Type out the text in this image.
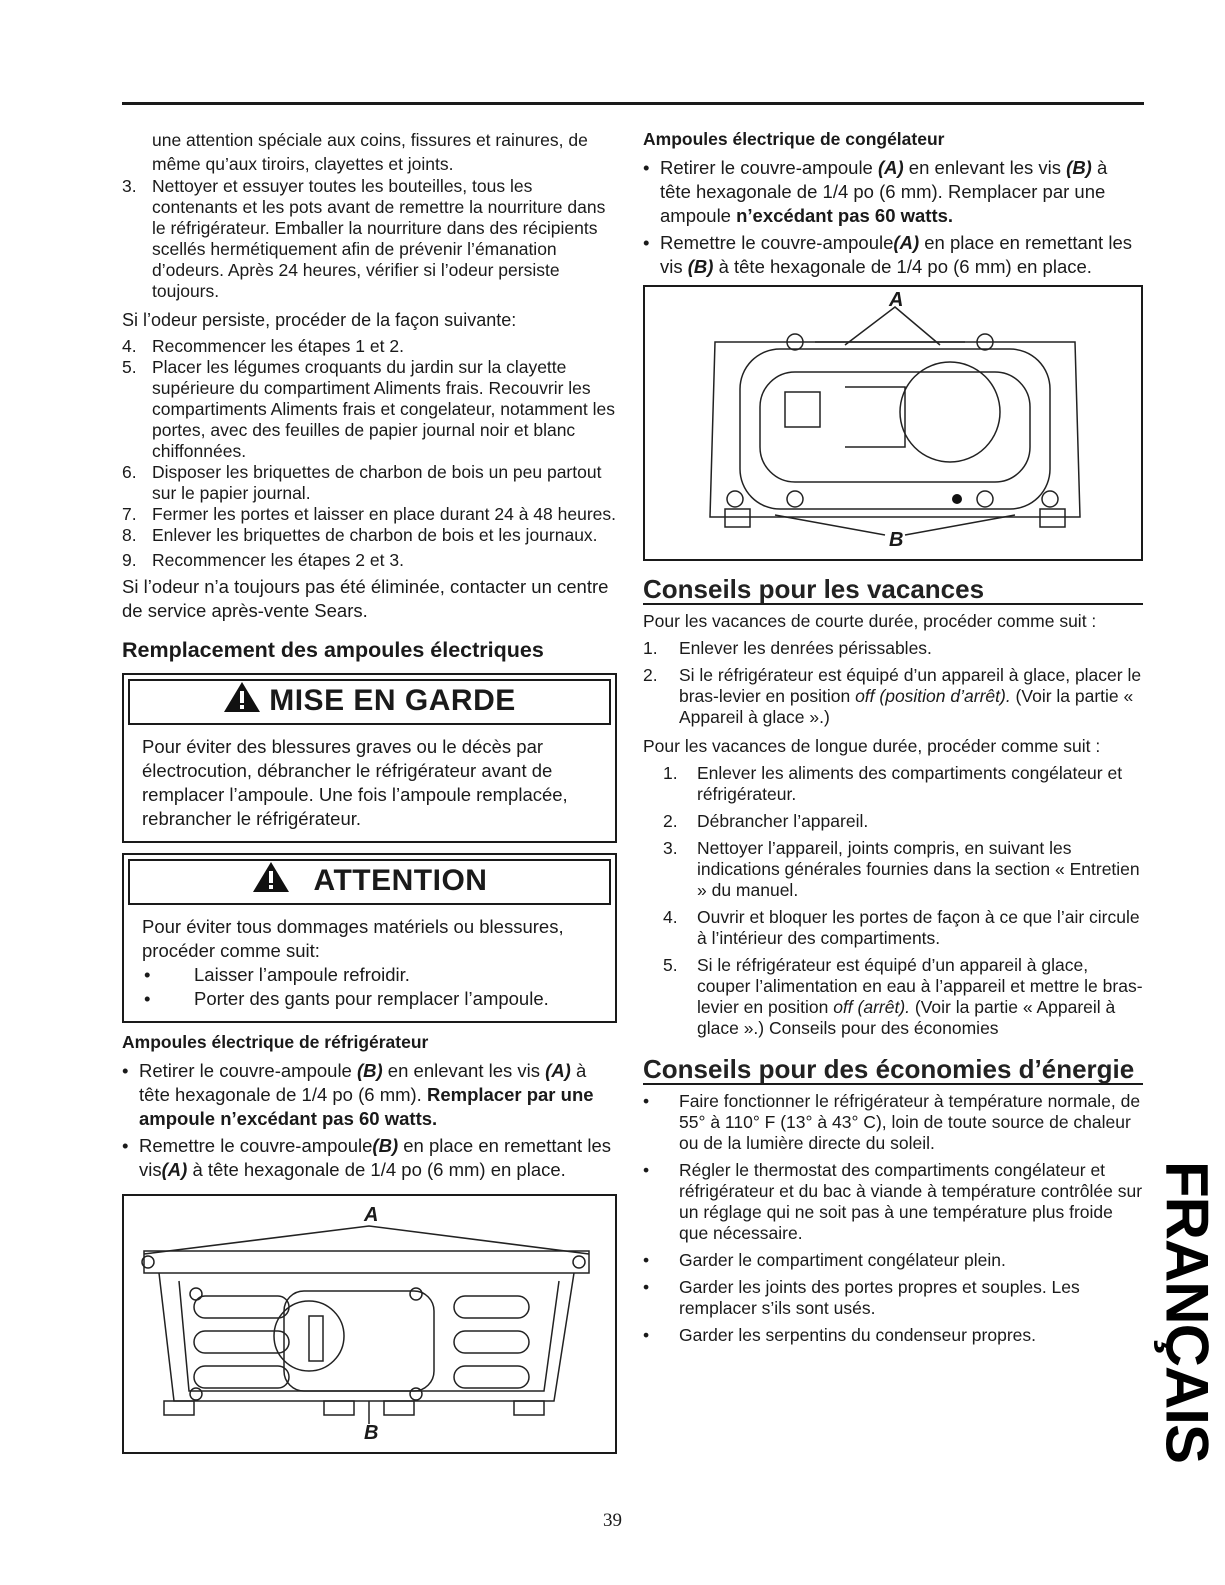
une attention spéciale aux coins, fissures et rainures, de même qu’aux tiroirs, clayettes et joints.

3. Nettoyer et essuyer toutes les bouteilles, tous les contenants et les pots avant de remettre la nourriture dans le réfrigérateur. Emballer la nourriture dans des récipients scellés hermétiquement afin de prévenir l’émanation d’odeurs. Après 24 heures, vérifier si l’odeur persiste toujours.

Si l’odeur persiste, procéder de la façon suivante:

4. Recommencer les étapes 1 et 2.
5. Placer les légumes croquants du jardin sur la clayette supérieure du compartiment Aliments frais. Recouvrir les compartiments Aliments frais et congelateur, notamment les portes, avec des feuilles de papier journal noir et blanc chiffonnées.
6. Disposer les briquettes de charbon de bois un peu partout sur le papier journal.
7. Fermer les portes et laisser en place durant 24 à 48 heures.
8. Enlever les briquettes de charbon de bois et les journaux.
9. Recommencer les étapes 2 et 3.

Si l’odeur n’a toujours pas été éliminée, contacter un centre de service après-vente Sears.

Remplacement des ampoules électriques
MISE EN GARDE
Pour éviter des blessures graves ou le décès par électrocution, débrancher le réfrigérateur avant de remplacer l’ampoule. Une fois l’ampoule remplacée, rebrancher le réfrigérateur.
ATTENTION

Pour éviter tous dommages matériels ou blessures, procéder comme suit:

• Laisser l’ampoule refroidir.
• Porter des gants pour remplacer l’ampoule.
Ampoules électrique de réfrigérateur
• Retirer le couvre-ampoule (B) en enlevant les vis (A) à tête hexagonale de 1/4 po (6 mm). Remplacer par une ampoule n’excédant pas 60 watts.
• Remettre le couvre-ampoule(B) en place en remettant les vis(A) à tête hexagonale de 1/4 po (6 mm) en place.
A
B
Ampoules électrique de congélateur
• Retirer le couvre-ampoule (A) en enlevant les vis (B) à tête hexagonale de 1/4 po (6 mm). Remplacer par une ampoule n’excédant pas 60 watts.
• Remettre le couvre-ampoule(A) en place en remettant les vis (B) à tête hexagonale de 1/4 po (6 mm) en place.
A
B
Conseils pour les vacances

Pour les vacances de courte durée, procéder comme suit :

1. Enlever les denrées périssables.
2. Si le réfrigérateur est équipé d’un appareil à glace, placer le bras-levier en position off (position d’arrêt). (Voir la partie « Appareil à glace ».)

Pour les vacances de longue durée, procéder comme suit :

1. Enlever les aliments des compartiments congélateur et réfrigérateur.
2. Débrancher l’appareil.
3. Nettoyer l’appareil, joints compris, en suivant les indications générales fournies dans la section « Entretien » du manuel.
4. Ouvrir et bloquer les portes de façon à ce que l’air circule à l’intérieur des compartiments.
5. Si le réfrigérateur est équipé d’un appareil à glace, couper l’alimentation en eau à l’appareil et mettre le bras-levier en position off (arrêt). (Voir la partie « Appareil à glace ».) Conseils pour des économies
Conseils pour des économies d’énergie
• Faire fonctionner le réfrigérateur à température normale, de 55° à 110° F (13° à 43° C), loin de toute source de chaleur ou de la lumière directe du soleil.
• Régler le thermostat des compartiments congélateur et réfrigérateur et du bac à viande à température contrôlée sur un réglage qui ne soit pas à une température plus froide que nécessaire.
• Garder le compartiment congélateur plein.
• Garder les joints des portes propres et souples. Les remplacer s’ils sont usés.
• Garder les serpentins du condenseur propres.	FRANÇAIS
39
